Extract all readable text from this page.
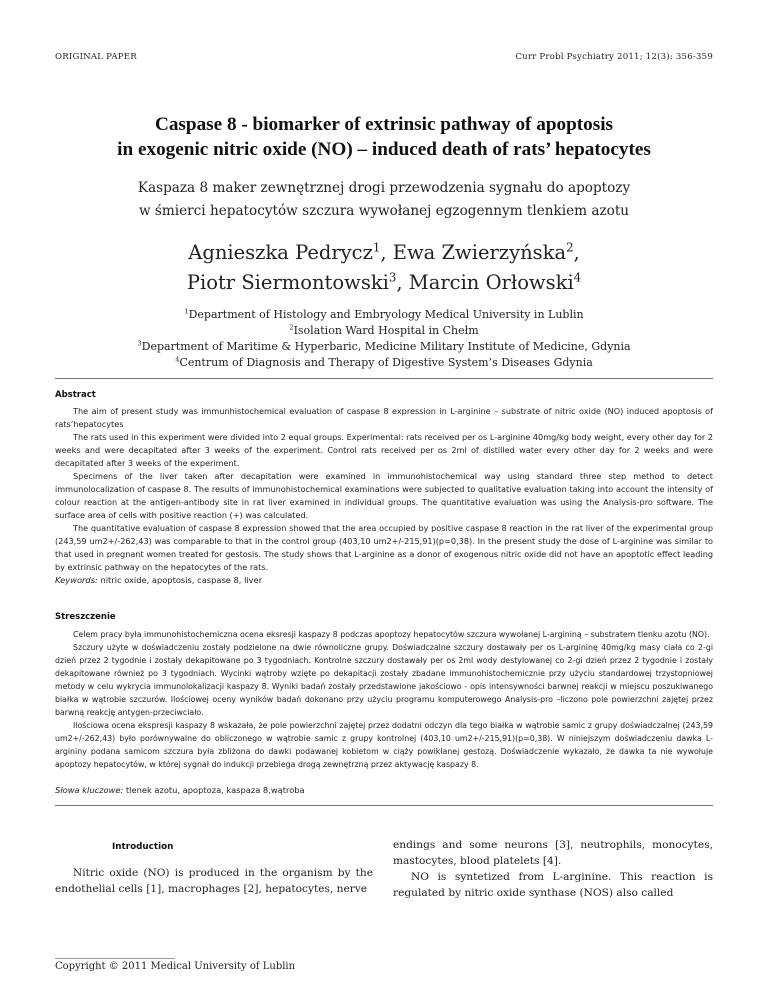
ORIGINAL PAPER	Curr Probl Psychiatry 2011; 12(3): 356-359
Caspase 8 - biomarker of extrinsic pathway of apoptosis
in exogenic nitric oxide (NO) – induced death of rats’ hepatocytes
Kaspaza 8 maker zewnętrznej drogi przewodzenia sygnału do apoptozy
w śmierci hepatocytów szczura wywołanej egzogennym tlenkiem azotu
Agnieszka Pedrycz$^1$, Ewa Zwierzyńska$^2$,
Piotr Siermontowski$^3$, Marcin Orłowski$^4$
$^1$Department of Histology and Embryology Medical University in Lublin
$^2$Isolation Ward Hospital in Chełm
$^3$Department of Maritime & Hyperbaric, Medicine Military Institute of Medicine, Gdynia
$^4$Centrum of Diagnosis and Therapy of Digestive System’s Diseases Gdynia
Abstract

The aim of present study was immunhistochemical evaluation of caspase 8 expression in L-arginine – substrate of nitric oxide (NO) induced apoptosis of rats’hepatocytes

The rats used in this experiment were divided into 2 equal groups. Experimental: rats received per os L-arginine 40mg/kg body weight, every other day for 2 weeks and were decapitated after 3 weeks of the experiment. Control rats received per os 2ml of distilled water every other day for 2 weeks and were decapitated after 3 weeks of the experiment.

Specimens of the liver taken after decapitation were examined in immunohistochemical way using standard three step method to detect immunolocalization of caspase 8. The results of immunohistochemical examinations were subjected to qualitative evaluation taking into account the intensity of colour reaction at the antigen-antibody site in rat liver examined in individual groups. The quantitative evaluation was using the Analysis-pro software. The surface area of cells with positive reaction (+) was calculated.

The quantitative evaluation of caspase 8 expression showed that the area occupied by positive caspase 8 reaction in the rat liver of the experimental group (243,59 um2+/-262,43) was comparable to that in the control group (403,10 um2+/-215,91)(p=0,38). In the present study the dose of L-arginine was similar to that used in pregnant women treated for gestosis. The study shows that L-arginine as a donor of exogenous nitric oxide did not have an apoptotic effect leading by extrinsic pathway on the hepatocytes of the rats.

Keywords: nitric oxide, apoptosis, caspase 8, liver
Streszczenie

Celem pracy była immunohistochemiczna ocena eksresji kaspazy 8 podczas apoptozy hepatocytów szczura wywołanej L-argininą – substratem tlenku azotu (NO).

Szczury użyte w doświadczeniu zostały podzielone na dwie równoliczne grupy. Doświadczalne szczury dostawały per os L-argininę 40mg/kg masy ciała co 2-gi dzień przez 2 tygodnie i zostały dekapitowane po 3 tygodniach. Kontrolne szczury dostawały per os 2ml wody destylowanej co 2-gi dzień przez 2 tygodnie i zostały dekapitowane również po 3 tygodniach. Wycinki wątroby wzięte po dekapitacji zostały zbadane immunohistochemicznie przy użyciu standardowej trzystopniowej metody w celu wykrycia immunolokalizacji kaspazy 8. Wyniki badań zostały przedstawione jakościowo - opis intensywności barwnej reakcji w miejscu poszukiwanego białka w wątrobie szczurów. Ilościowej oceny wyników badań dokonano przy użyciu programu komputerowego Analysis-pro –liczono pole powierzchni zajętej przez barwną reakcję antygen-przeciwciało.

Ilościowa ocena ekspresji kaspazy 8 wskazała, że pole powierzchni zajętej przez dodatni odczyn dla tego białka w wątrobie samic z grupy doświadczalnej (243,59 um2+/-262,43) było porównywalne do obliczonego w wątrobie samic z grupy kontrolnej (403,10 um2+/-215,91)(p=0,38). W niniejszym doświadczeniu dawka L-argininy podana samicom szczura była zbliżona do dawki podawanej kobietom w ciąży powikłanej gestozą. Doświadczenie wykazało, że dawka ta nie wywołuje apoptozy hepatocytów, w której sygnał do indukcji przebiega drogą zewnętrzną przez aktywację kaspazy 8.

Słowa kluczowe: tlenek azotu, apoptoza, kaspaza 8,wątroba
Introduction

Nitric oxide (NO) is produced in the organism by the endothelial cells [1], macrophages [2], hepatocytes, nerve

endings and some neurons [3], neutrophils, monocytes, mastocytes, blood platelets [4].

NO is syntetized from L-arginine. This reaction is regulated by nitric oxide synthase (NOS) also called

Copyright © 2011 Medical University of Lublin
